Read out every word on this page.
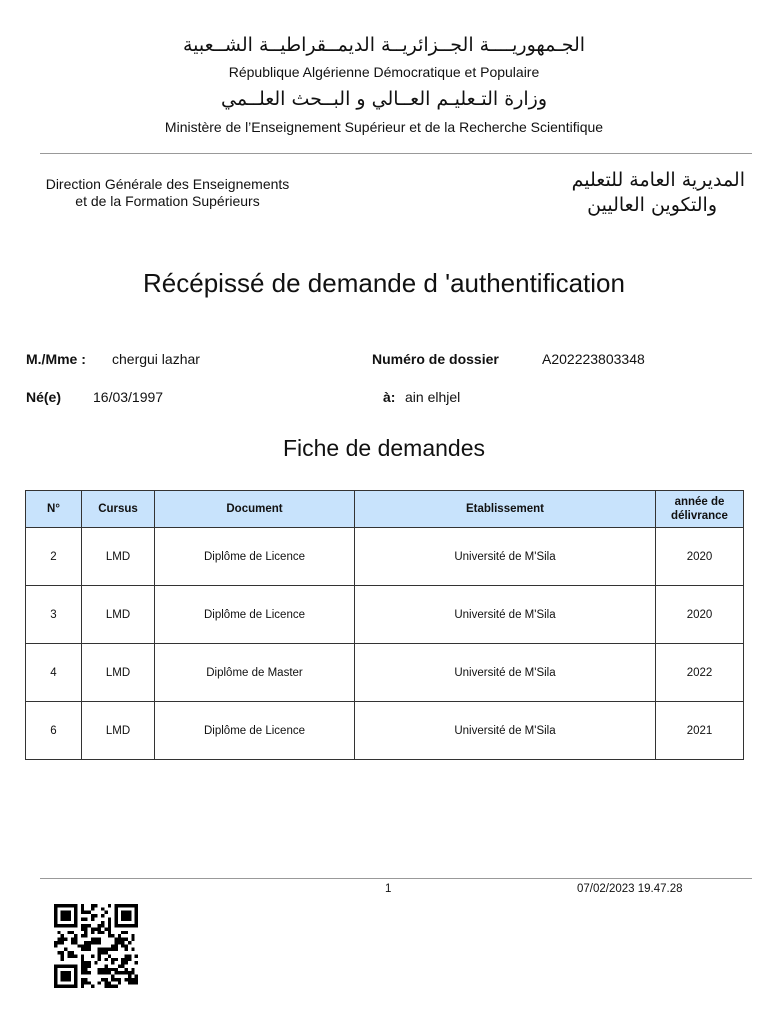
الجـمهوريــــة الجــزائريــة الديمــقراطيــة الشــعبية
République Algérienne Démocratique et Populaire
وزارة التـعليـم العــالي و البــحث العلــمي
Ministère de l’Enseignement Supérieur et de la Recherche Scientifique
Direction Générale des Enseignements
et de la Formation Supérieurs
المديرية العامة للتعليم
والتكوين العاليين
Récépissé de demande d 'authentification
M./Mme : chergui lazhar	Numéro de dossier	A202223803348
Né(e) 16/03/1997	à: ain elhjel
Fiche de demandes
N°	Cursus	Document	Etablissement	année de
délivrance
2	LMD	Diplôme de Licence	Université de M'Sila	2020
3	LMD	Diplôme de Licence	Université de M'Sila	2020
4	LMD	Diplôme de Master	Université de M'Sila	2022
6	LMD	Diplôme de Licence	Université de M'Sila	2021
1	07/02/2023 19.47.28
